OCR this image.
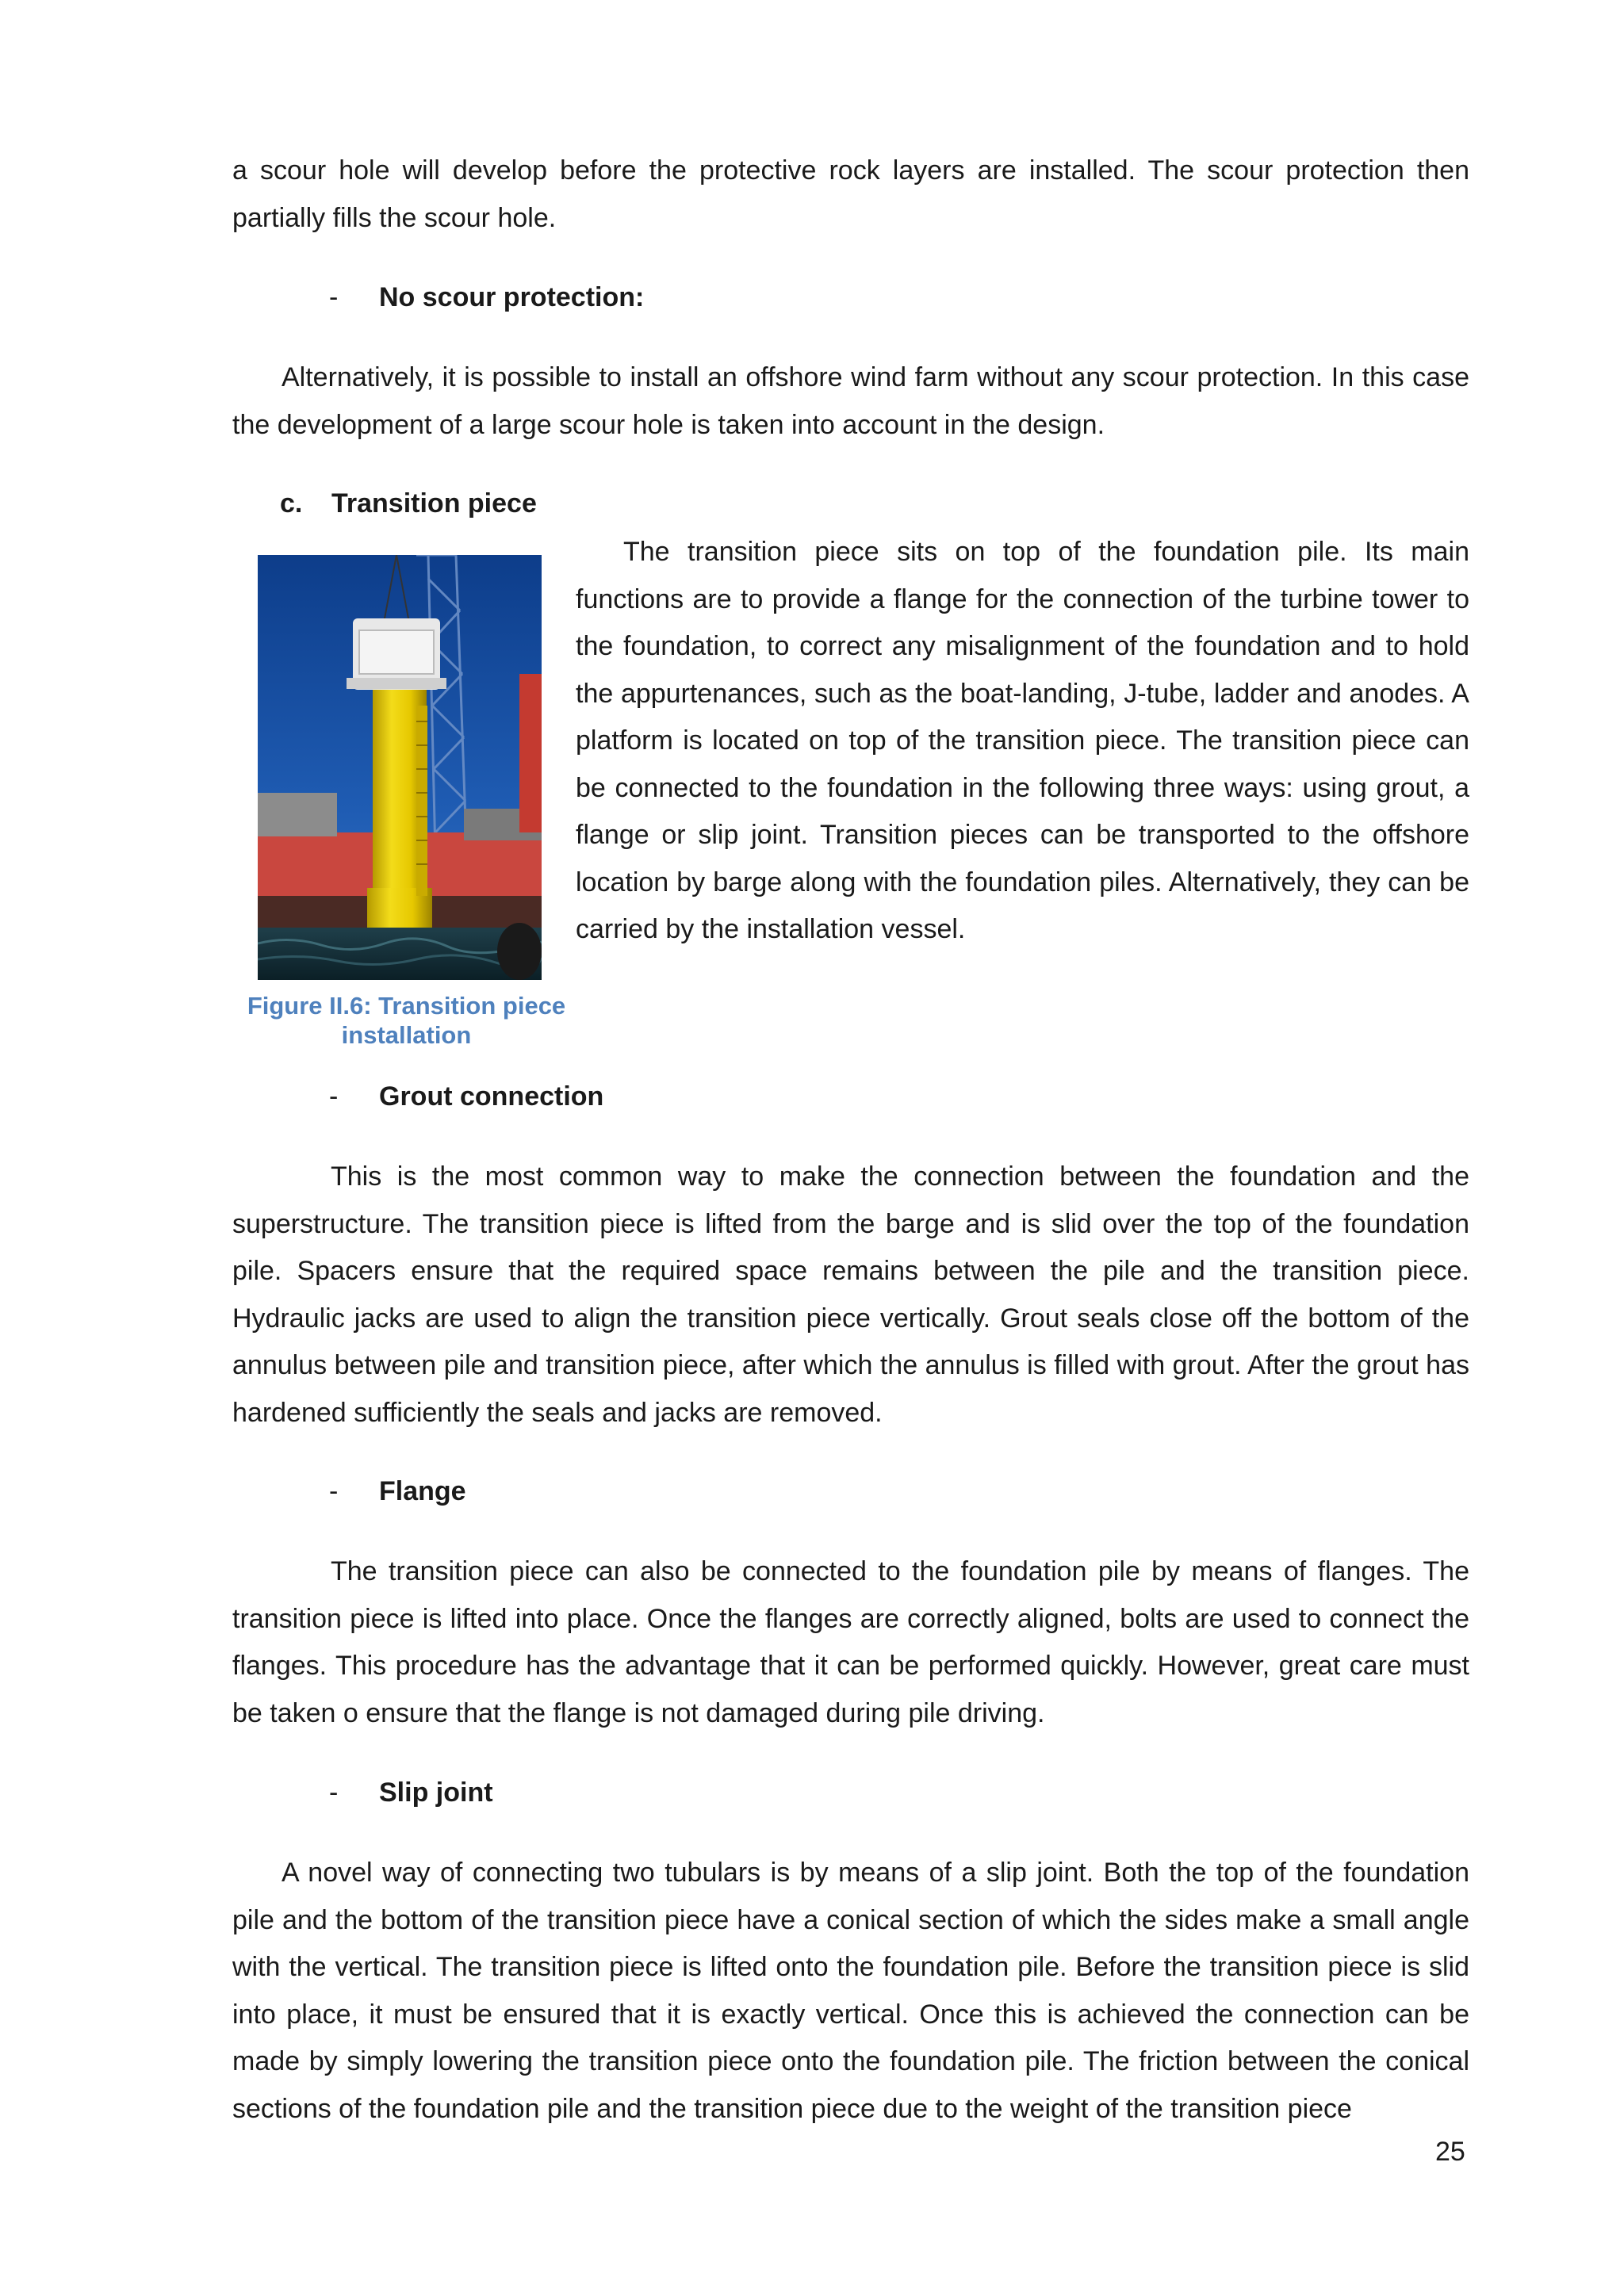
a scour hole will develop before the protective rock layers are installed. The scour protection then partially fills the scour hole.

- No scour protection:

Alternatively, it is possible to install an offshore wind farm without any scour protection. In this case the development of a large scour hole is taken into account in the design.

c. Transition piece

The transition piece sits on top of the foundation pile. Its main functions are to provide a flange for the connection of the turbine tower to the foundation, to correct any misalignment of the foundation and to hold the appurtenances, such as the boat-landing, J-tube, ladder and anodes. A platform is located on top of the transition piece. The transition piece can be connected to the foundation in the following three ways: using grout, a flange or slip joint. Transition pieces can be transported to the offshore location by barge along with the foundation piles. Alternatively, they can be carried by the installation vessel.

Figure II.6: Transition piece
installation
- Grout connection

This is the most common way to make the connection between the foundation and the superstructure. The transition piece is lifted from the barge and is slid over the top of the foundation pile. Spacers ensure that the required space remains between the pile and the transition piece. Hydraulic jacks are used to align the transition piece vertically. Grout seals close off the bottom of the annulus between pile and transition piece, after which the annulus is filled with grout. After the grout has hardened sufficiently the seals and jacks are removed.

- Flange

The transition piece can also be connected to the foundation pile by means of flanges. The transition piece is lifted into place. Once the flanges are correctly aligned, bolts are used to connect the flanges. This procedure has the advantage that it can be performed quickly. However, great care must be taken o ensure that the flange is not damaged during pile driving.

- Slip joint

A novel way of connecting two tubulars is by means of a slip joint. Both the top of the foundation pile and the bottom of the transition piece have a conical section of which the sides make a small angle with the vertical. The transition piece is lifted onto the foundation pile. Before the transition piece is slid into place, it must be ensured that it is exactly vertical. Once this is achieved the connection can be made by simply lowering the transition piece onto the foundation pile. The friction between the conical sections of the foundation pile and the transition piece due to the weight of the transition piece

25
